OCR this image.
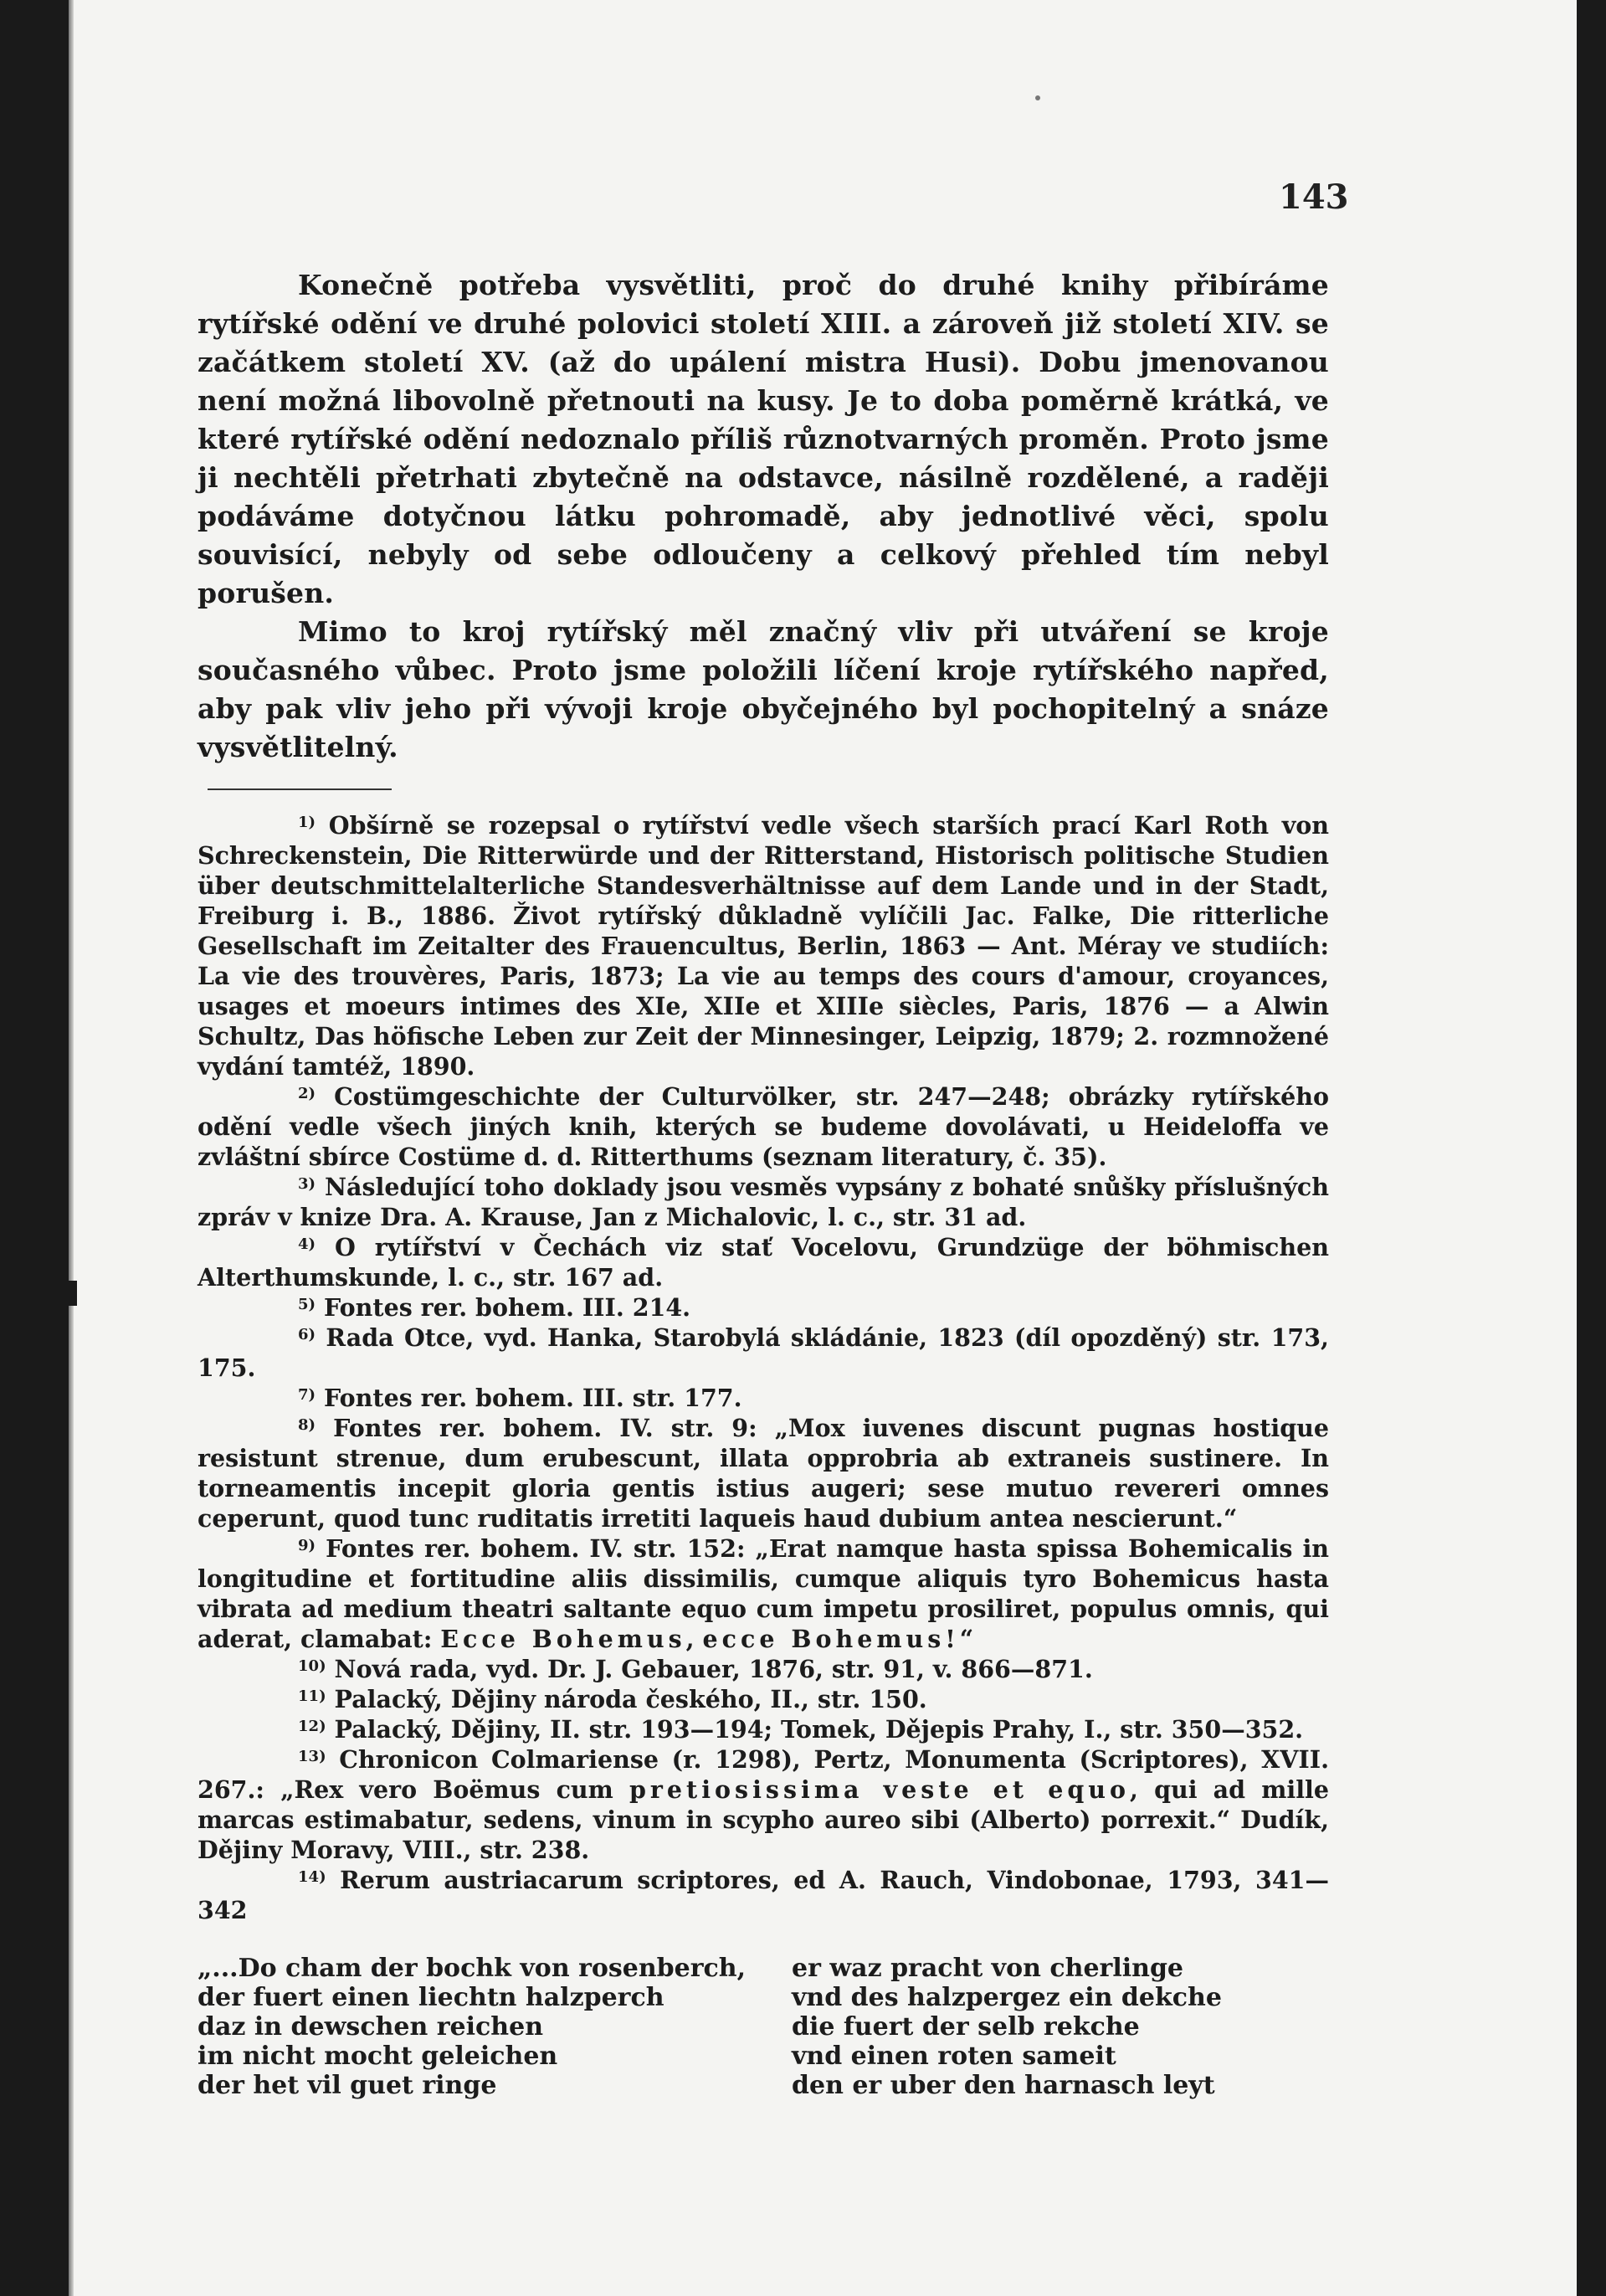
143

Konečně potřeba vysvětliti, proč do druhé knihy přibíráme rytířské odění ve druhé polovici století XIII. a zároveň již století XIV. se začátkem století XV. (až do upálení mistra Husi). Dobu jmenovanou není možná libovolně přetnouti na kusy. Je to doba poměrně krátká, ve které rytířské odění nedoznalo příliš různotvarných proměn. Proto jsme ji nechtěli přetrhati zbytečně na odstavce, násilně rozdělené, a raději podáváme dotyčnou látku pohromadě, aby jednotlivé věci, spolu souvisící, nebyly od sebe odloučeny a celkový přehled tím nebyl porušen.

Mimo to kroj rytířský měl značný vliv při utváření se kroje současného vůbec. Proto jsme položili líčení kroje rytířského napřed, aby pak vliv jeho při vývoji kroje obyčejného byl pochopitelný a snáze vysvětlitelný.

$^{1)}$ Obšírně se rozepsal o rytířství vedle všech starších prací Karl Roth von Schreckenstein, Die Ritterwürde und der Ritterstand, Historisch politische Studien über deutschmittelalterliche Standesverhältnisse auf dem Lande und in der Stadt, Freiburg i. B., 1886. Život rytířský důkladně vylíčili Jac. Falke, Die ritterliche Gesellschaft im Zeitalter des Frauencultus, Berlin, 1863 — Ant. Méray ve studiích: La vie des trouvères, Paris, 1873; La vie au temps des cours d'amour, croyances, usages et moeurs intimes des XIe, XIIe et XIIIe siècles, Paris, 1876 — a Alwin Schultz, Das höfische Leben zur Zeit der Minnesinger, Leipzig, 1879; 2. rozmnožené vydání tamtéž, 1890.

$^{2)}$ Costümgeschichte der Culturvölker, str. 247—248; obrázky rytířského odění vedle všech jiných knih, kterých se budeme dovolávati, u Heideloffa ve zvláštní sbírce Costüme d. d. Ritterthums (seznam literatury, č. 35).

$^{3)}$ Následující toho doklady jsou vesměs vypsány z bohaté snůšky příslušných zpráv v knize Dra. A. Krause, Jan z Michalovic, l. c., str. 31 ad.

$^{4)}$ O rytířství v Čechách viz stať Vocelovu, Grundzüge der böhmischen Alterthumskunde, l. c., str. 167 ad.

$^{5)}$ Fontes rer. bohem. III. 214.

$^{6)}$ Rada Otce, vyd. Hanka, Starobylá skládánie, 1823 (díl opozděný) str. 173, 175.

$^{7)}$ Fontes rer. bohem. III. str. 177.

$^{8)}$ Fontes rer. bohem. IV. str. 9: „Mox iuvenes discunt pugnas hostique resistunt strenue, dum erubescunt, illata opprobria ab extraneis sustinere. In torneamentis incepit gloria gentis istius augeri; sese mutuo revereri omnes ceperunt, quod tunc ruditatis irretiti laqueis haud dubium antea nescierunt.“

$^{9)}$ Fontes rer. bohem. IV. str. 152: „Erat namque hasta spissa Bohemicalis in longitudine et fortitudine aliis dissimilis, cumque aliquis tyro Bohemicus hasta vibrata ad medium theatri saltante equo cum impetu prosiliret, populus omnis, qui aderat, clamabat: Ecce Bohemus, ecce Bohemus!“

$^{10)}$ Nová rada, vyd. Dr. J. Gebauer, 1876, str. 91, v. 866—871.

$^{11)}$ Palacký, Dějiny národa českého, II., str. 150.

$^{12)}$ Palacký, Dějiny, II. str. 193—194; Tomek, Dějepis Prahy, I., str. 350—352.

$^{13)}$ Chronicon Colmariense (r. 1298), Pertz, Monumenta (Scriptores), XVII. 267.: „Rex vero Boëmus cum pretiosissima veste et equo, qui ad mille marcas estimabatur, sedens, vinum in scypho aureo sibi (Alberto) porrexit.“ Dudík, Dějiny Moravy, VIII., str. 238.

$^{14)}$ Rerum austriacarum scriptores, ed A. Rauch, Vindobonae, 1793, 341—342

„...Do cham der bochk von rosenberch,
der fuert einen liechtn halzperch
daz in dewschen reichen
im nicht mocht geleichen
der het vil guet ringe
er waz pracht von cherlinge
vnd des halzpergez ein dekche
die fuert der selb rekche
vnd einen roten sameit
den er uber den harnasch leyt
